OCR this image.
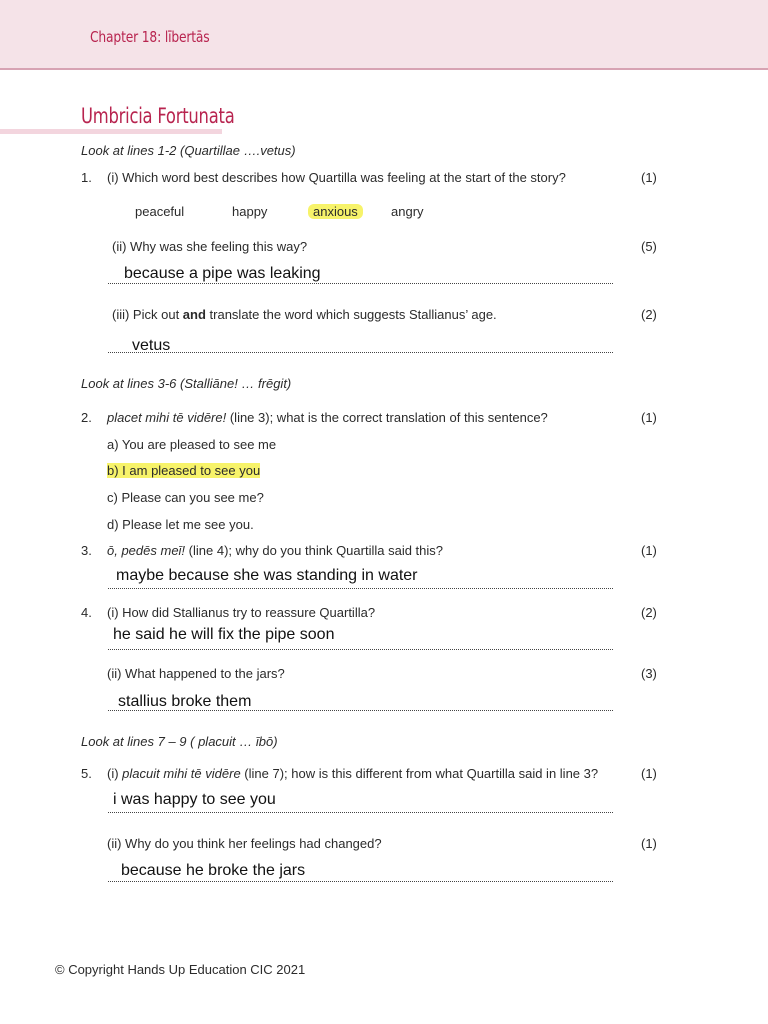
Chapter 18: lībertās
Umbricia Fortunata
Look at lines 1-2 (Quartillae ….vetus)
1. (i) Which word best describes how Quartilla was feeling at the start of the story?	(1)
peaceful	happy	anxious	angry
(ii) Why was she feeling this way?	(5)
because a pipe was leaking
(iii) Pick out and translate the word which suggests Stallianus’ age.	(2)
vetus
Look at lines 3-6 (Stalliāne! … frēgit)
2. placet mihi tē vidēre! (line 3); what is the correct translation of this sentence?	(1)
a) You are pleased to see me
b) I am pleased to see you
c) Please can you see me?
d) Please let me see you.
3. ō, pedēs meī! (line 4); why do you think Quartilla said this?	(1)
maybe because she was standing in water
4. (i) How did Stallianus try to reassure Quartilla?	(2)
he said he will fix the pipe soon
(ii) What happened to the jars?	(3)
stallius broke them
Look at lines 7 – 9 ( placuit … ībō)
5. (i) placuit mihi tē vidēre (line 7); how is this different from what Quartilla said in line 3?	(1)
i was happy to see you
(ii) Why do you think her feelings had changed?	(1)
because he broke the jars
© Copyright Hands Up Education CIC 2021
